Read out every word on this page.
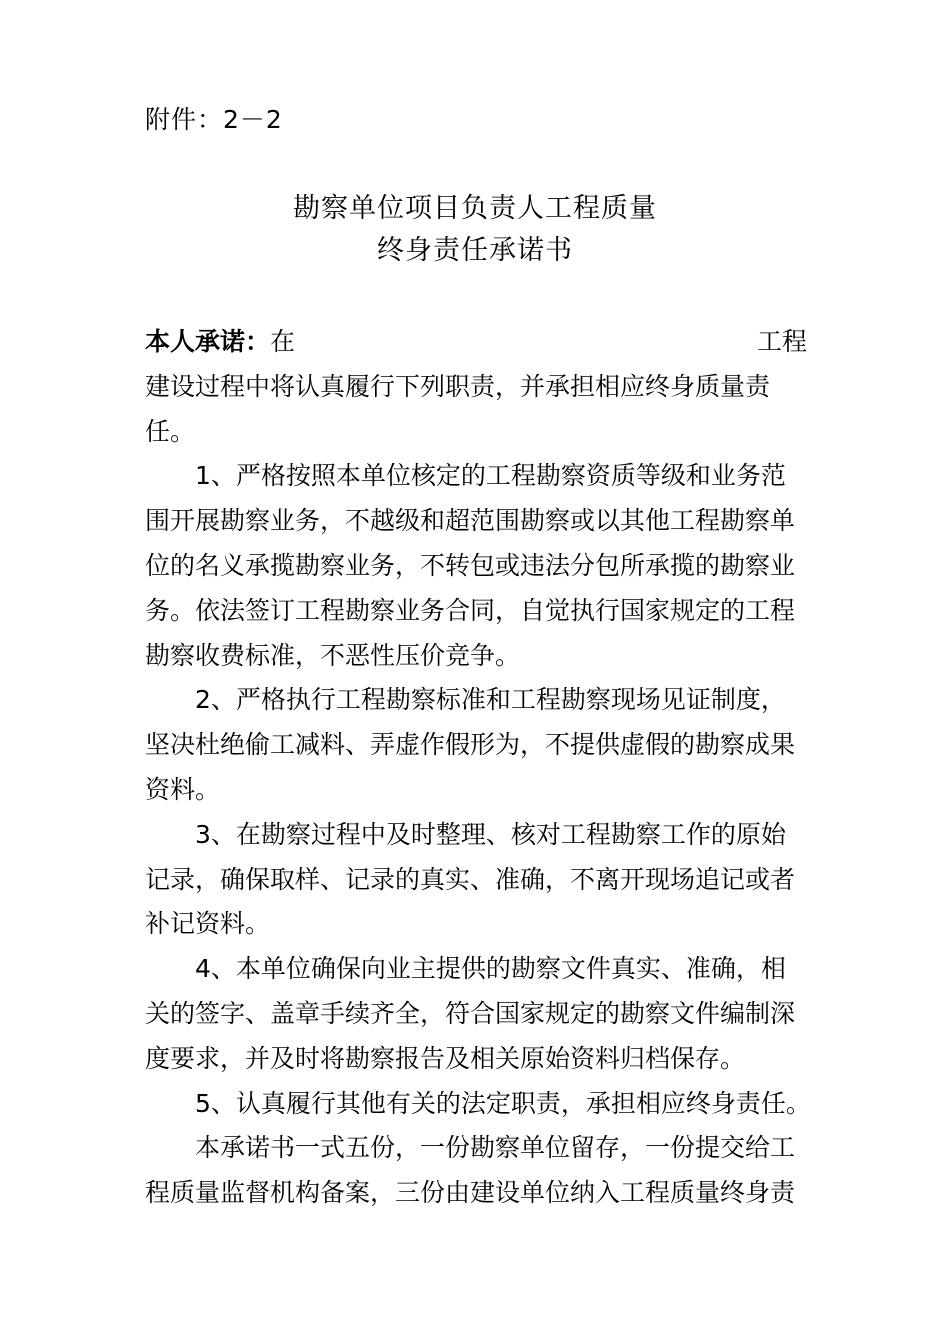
附件：2－2
勘察单位项目负责人工程质量
终身责任承诺书
本人承诺：在	工程
建设过程中将认真履行下列职责，并承担相应终身质量责
任。
1、严格按照本单位核定的工程勘察资质等级和业务范
围开展勘察业务，不越级和超范围勘察或以其他工程勘察单
位的名义承揽勘察业务，不转包或违法分包所承揽的勘察业
务。依法签订工程勘察业务合同，自觉执行国家规定的工程
勘察收费标准，不恶性压价竞争。
2、严格执行工程勘察标准和工程勘察现场见证制度，
坚决杜绝偷工减料、弄虚作假形为，不提供虚假的勘察成果
资料。
3、在勘察过程中及时整理、核对工程勘察工作的原始
记录，确保取样、记录的真实、准确，不离开现场追记或者
补记资料。
4、本单位确保向业主提供的勘察文件真实、准确，相
关的签字、盖章手续齐全，符合国家规定的勘察文件编制深
度要求，并及时将勘察报告及相关原始资料归档保存。
5、认真履行其他有关的法定职责，承担相应终身责任。
本承诺书一式五份，一份勘察单位留存，一份提交给工
程质量监督机构备案，三份由建设单位纳入工程质量终身责
